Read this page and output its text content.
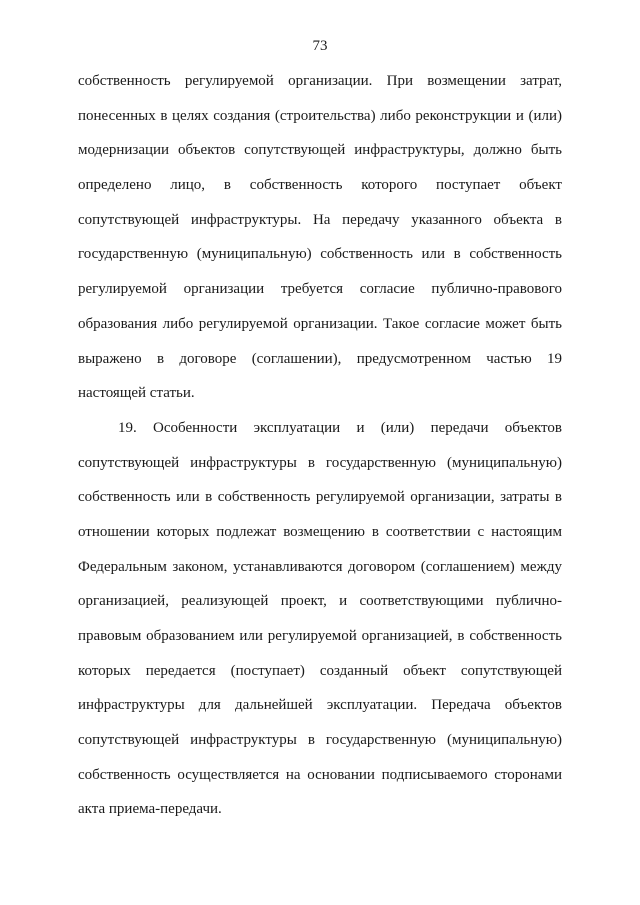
73
собственность регулируемой организации. При возмещении затрат,
понесенных в целях создания (строительства) либо реконструкции и (или)
модернизации объектов сопутствующей инфраструктуры, должно быть
определено лицо, в собственность которого поступает объект
сопутствующей инфраструктуры. На передачу указанного объекта в
государственную (муниципальную) собственность или в собственность
регулируемой организации требуется согласие публично-правового
образования либо регулируемой организации. Такое согласие может быть
выражено в договоре (соглашении), предусмотренном частью 19
настоящей статьи.
19. Особенности эксплуатации и (или) передачи объектов
сопутствующей инфраструктуры в государственную (муниципальную)
собственность или в собственность регулируемой организации, затраты в
отношении которых подлежат возмещению в соответствии с настоящим
Федеральным законом, устанавливаются договором (соглашением) между
организацией, реализующей проект, и соответствующими публично-
правовым образованием или регулируемой организацией, в собственность
которых передается (поступает) созданный объект сопутствующей
инфраструктуры для дальнейшей эксплуатации. Передача объектов
сопутствующей инфраструктуры в государственную (муниципальную)
собственность осуществляется на основании подписываемого сторонами
акта приема-передачи.
